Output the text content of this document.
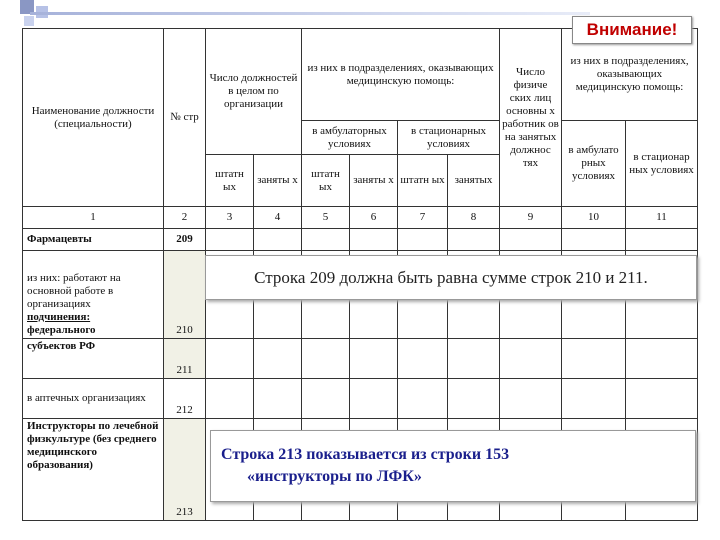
Наименование должности (специальности)	№ стр	Число должностей в целом по организации		из них в подразделениях, оказывающих медицинскую помощь:				Число физиче ских лиц основны х работник ов на занятых должнос тях	из них в подразделениях, оказывающих медицинскую помощь:	
				в амбулаторных условиях		в стационарных условиях			в амбулато рных условиях	в стационар ных условиях
		штатн ых	заняты х	штатн ых	заняты х	штатн ых	занятых			
1	2	3	4	5	6	7	8	9	10	11
Фармацевты	209									
из них: работают на основной работе в организациях
подчинения:
федерального	210									
субъектов РФ	211									
в аптечных организациях	212									
Инструкторы по лечебной физкультуре (без среднего медицинского образования)	213									
Внимание!
Строка 209 должна быть равна сумме строк 210 и 211.
Строка 213 показывается из строки 153
«инструкторы по ЛФК»
